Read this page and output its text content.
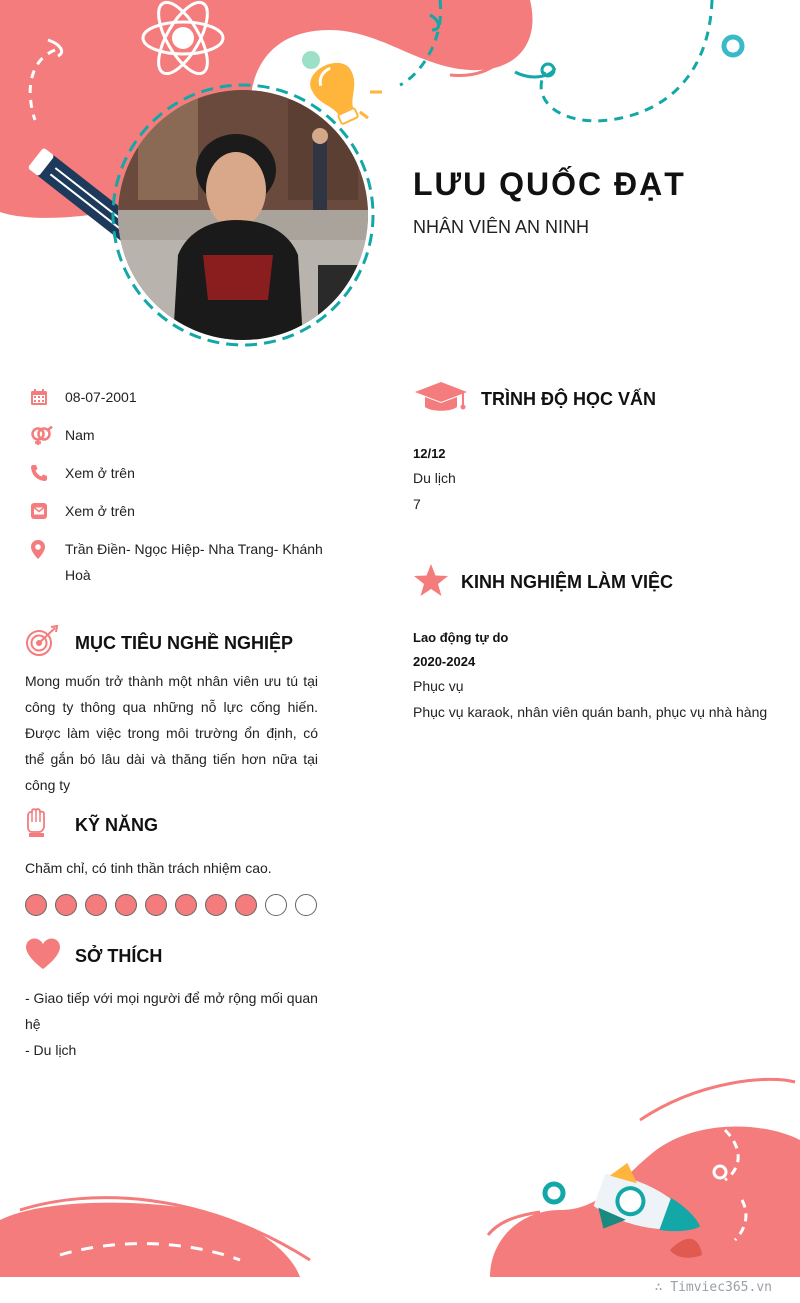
LƯU QUỐC ĐẠT
NHÂN VIÊN AN NINH
08-07-2001
Nam
Xem ở trên
Xem ở trên
Trần Điền- Ngọc Hiệp- Nha Trang- Khánh Hoà
MỤC TIÊU NGHỀ NGHIỆP
Mong muốn trở thành một nhân viên ưu tú tại công ty thông qua những nỗ lực cống hiến. Được làm việc trong môi trường ổn định, có thể gắn bó lâu dài và thăng tiến hơn nữa tại công ty
KỸ NĂNG
Chăm chỉ, có tinh thần trách nhiệm cao.
SỞ THÍCH
- Giao tiếp với mọi người để mở rộng mối quan hệ
- Du lịch
TRÌNH ĐỘ HỌC VẤN
12/12
Du lịch
7
KINH NGHIỆM LÀM VIỆC
Lao động tự do
2020-2024
Phục vụ
Phục vụ karaok, nhân viên quán banh, phục vụ nhà hàng
∴ Timviec365.vn
